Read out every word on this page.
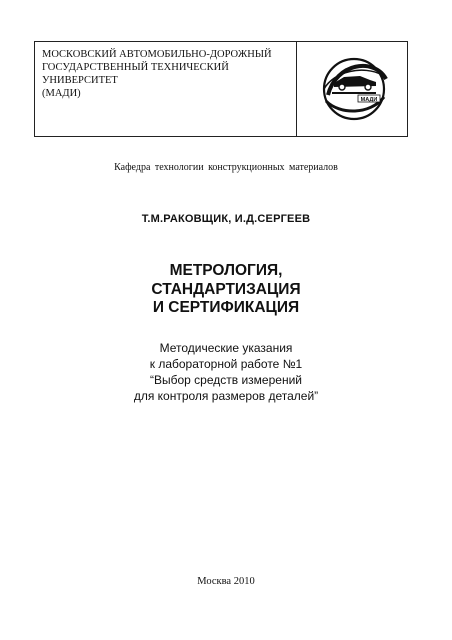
МОСКОВСКИЙ АВТОМОБИЛЬНО-ДОРОЖНЫЙ
ГОСУДАРСТВЕННЫЙ ТЕХНИЧЕСКИЙ
УНИВЕРСИТЕТ
(МАДИ)
МАДИ
Кафедра технологии конструкционных материалов
Т.М.РАКОВЩИК, И.Д.СЕРГЕЕВ
МЕТРОЛОГИЯ,
СТАНДАРТИЗАЦИЯ
И СЕРТИФИКАЦИЯ
Методические указания
к лабораторной работе №1
“Выбор средств измерений
для контроля размеров деталей”
Москва 2010
